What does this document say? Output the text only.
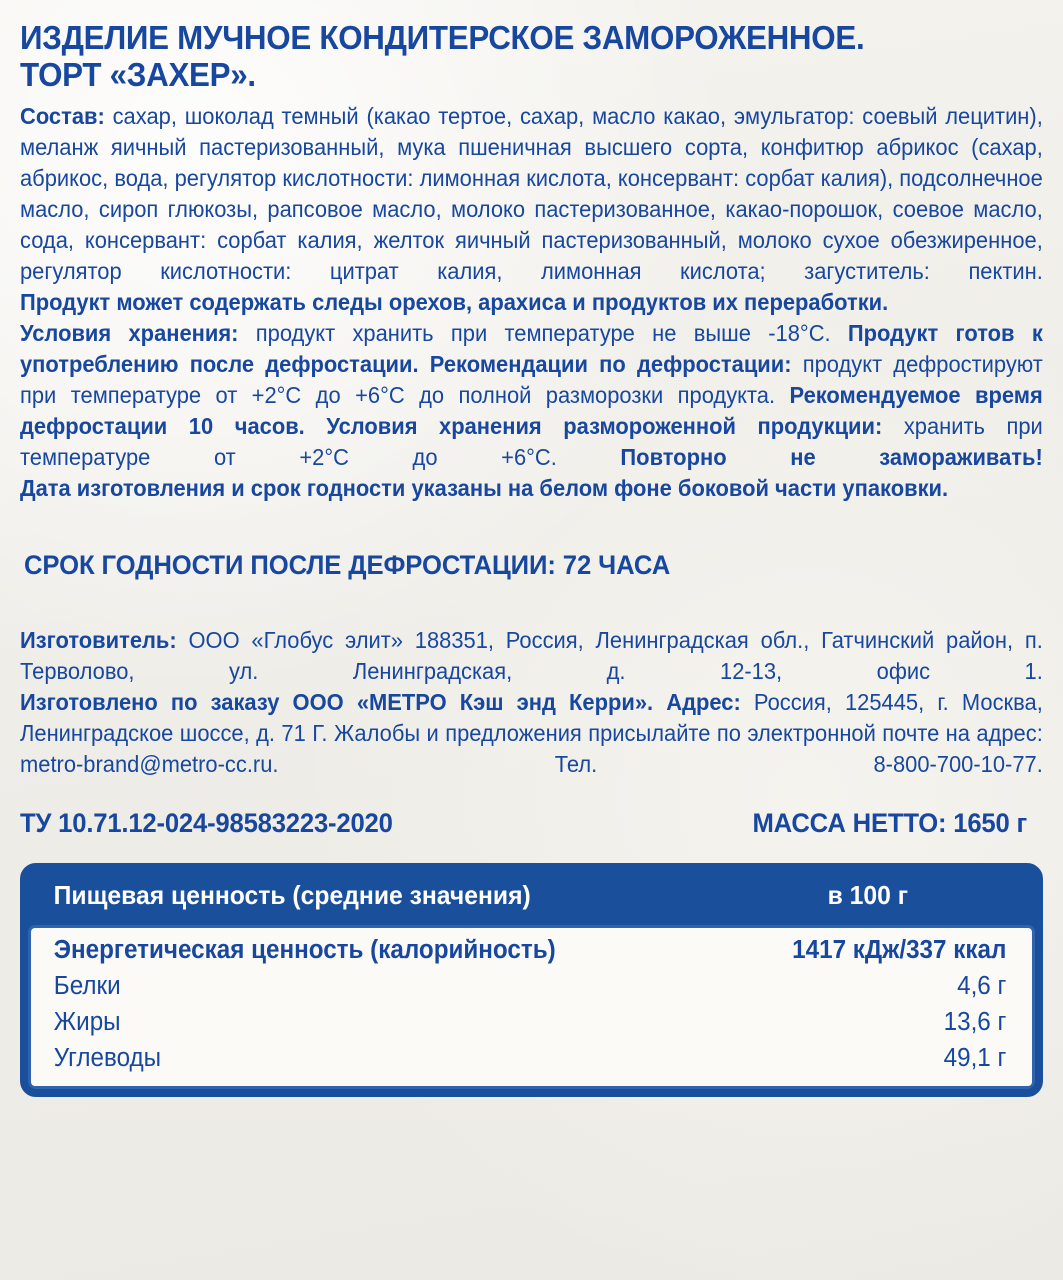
ИЗДЕЛИЕ МУЧНОЕ КОНДИТЕРСКОЕ ЗАМОРОЖЕННОЕ.
ТОРТ «ЗАХЕР».

Состав: сахар, шоколад темный (какао тертое, сахар, масло какао, эмульгатор: соевый лецитин), меланж яичный пастеризованный, мука пшеничная высшего сорта, конфитюр абрикос (сахар, абрикос, вода, регулятор кислотности: лимонная кислота, консервант: сорбат калия), подсолнечное масло, сироп глюкозы, рапсовое масло, молоко пастеризованное, какао-порошок, соевое масло, сода, консервант: сорбат калия, желток яичный пастеризованный, молоко сухое обезжиренное, регулятор кислотности: цитрат калия, лимонная кислота; загуститель: пектин.

Продукт может содержать следы орехов, арахиса и продуктов их переработки.

Условия хранения: продукт хранить при температуре не выше -18°C. Продукт готов к употреблению после дефростации. Рекомендации по дефростации: продукт дефростируют при температуре от +2°C до +6°C до полной разморозки продукта. Рекомендуемое время дефростации 10 часов. Условия хранения размороженной продукции: хранить при температуре от +2°C до +6°C. Повторно не замораживать!

Дата изготовления и срок годности указаны на белом фоне боковой части упаковки.

СРОК ГОДНОСТИ ПОСЛЕ ДЕФРОСТАЦИИ: 72 ЧАСА

Изготовитель: ООО «Глобус элит» 188351, Россия, Ленинградская обл., Гатчинский район, п. Терволово, ул. Ленинградская, д. 12-13, офис 1.

Изготовлено по заказу ООО «МЕТРО Кэш энд Керри». Адрес: Россия, 125445, г. Москва, Ленинградское шоссе, д. 71 Г. Жалобы и предложения присылайте по электронной почте на адрес: metro-brand@metro-cc.ru. Тел. 8-800-700-10-77.

ТУ 10.71.12-024-98583223-2020	МАССА НЕТТО: 1650 г
Пищевая ценность (средние значения)	в 100 г
Энергетическая ценность (калорийность)	1417 кДж/337 ккал
Белки	4,6 г
Жиры	13,6 г
Углеводы	49,1 г
